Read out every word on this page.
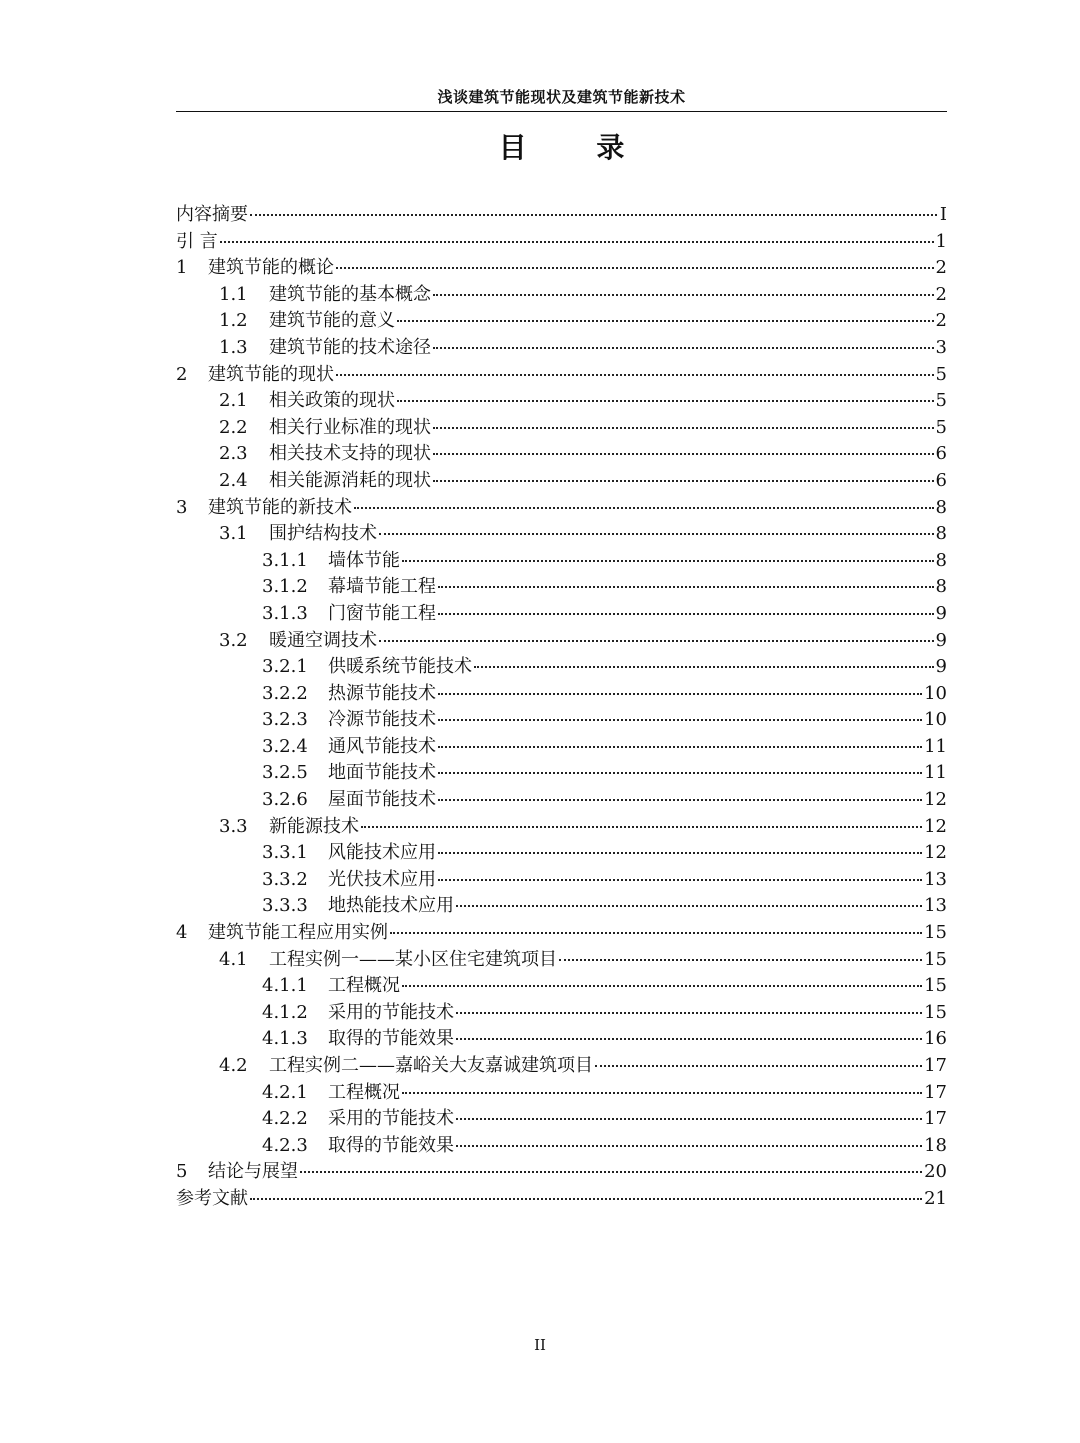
浅谈建筑节能现状及建筑节能新技术
目 录
内容摘要	I
引 言	1
1	建筑节能的概论	2
1.1	建筑节能的基本概念	2
1.2	建筑节能的意义	2
1.3	建筑节能的技术途径	3
2	建筑节能的现状	5
2.1	相关政策的现状	5
2.2	相关行业标准的现状	5
2.3	相关技术支持的现状	6
2.4	相关能源消耗的现状	6
3	建筑节能的新技术	8
3.1	围护结构技术	8
3.1.1	墙体节能	8
3.1.2	幕墙节能工程	8
3.1.3	门窗节能工程	9
3.2	暖通空调技术	9
3.2.1	供暖系统节能技术	9
3.2.2	热源节能技术	10
3.2.3	冷源节能技术	10
3.2.4	通风节能技术	11
3.2.5	地面节能技术	11
3.2.6	屋面节能技术	12
3.3	新能源技术	12
3.3.1	风能技术应用	12
3.3.2	光伏技术应用	13
3.3.3	地热能技术应用	13
4	建筑节能工程应用实例	15
4.1	工程实例一——某小区住宅建筑项目	15
4.1.1	工程概况	15
4.1.2	采用的节能技术	15
4.1.3	取得的节能效果	16
4.2	工程实例二——嘉峪关大友嘉诚建筑项目	17
4.2.1	工程概况	17
4.2.2	采用的节能技术	17
4.2.3	取得的节能效果	18
5	结论与展望	20
参考文献	21
II
